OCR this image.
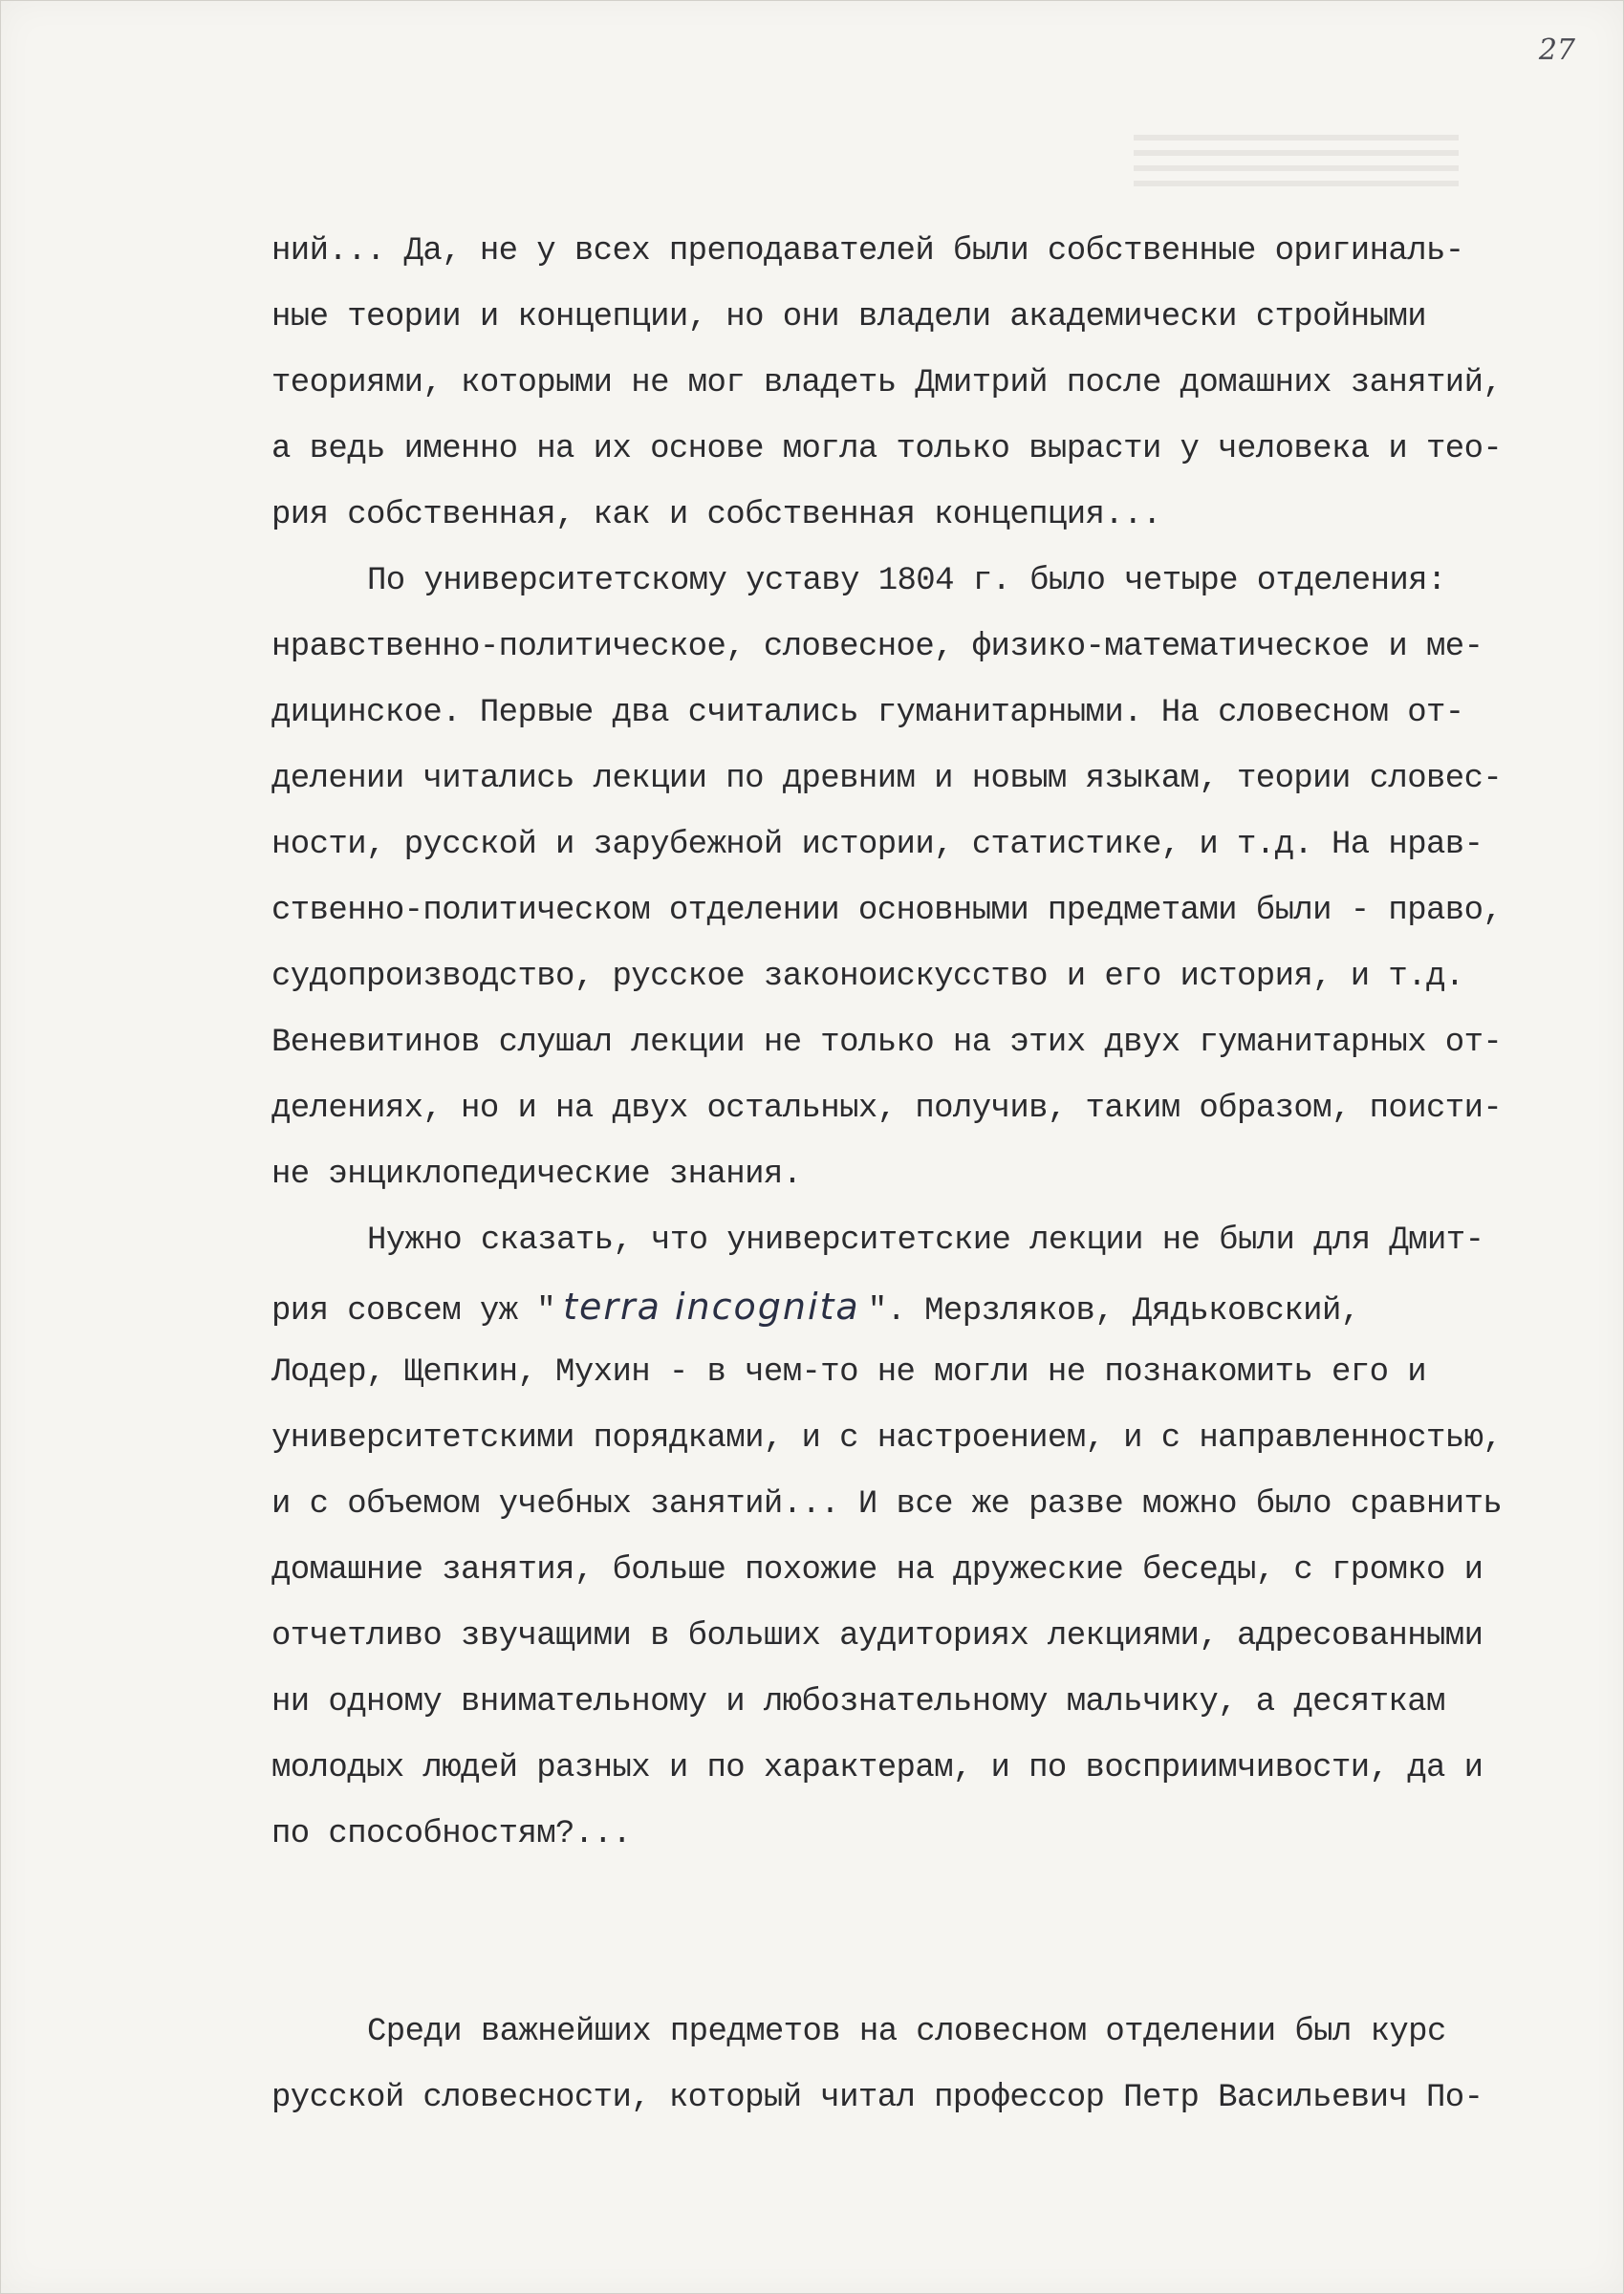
27
ний... Да, не у всех преподавателей были собственные оригиналь-
ные теории и концепции, но они владели академически стройными
теориями, которыми не мог владеть Дмитрий после домашних занятий,
а ведь именно на их основе могла только вырасти у человека и тео-
рия собственная, как и собственная концепция...
По университетскому уставу 1804 г. было четыре отделения:
нравственно-политическое, словесное, физико-математическое и ме-
дицинское. Первые два считались гуманитарными. На словесном от-
делении читались лекции по древним и новым языкам, теории словес-
ности, русской и зарубежной истории, статистике, и т.д. На нрав-
ственно-политическом отделении основными предметами были - право,
судопроизводство, русское законоискусство и его история, и т.д.
Веневитинов слушал лекции не только на этих двух гуманитарных от-
делениях, но и на двух остальных, получив, таким образом, поисти-
не энциклопедические знания.
Нужно сказать, что университетские лекции не были для Дмит-
рия совсем уж " terra incognita ". Мерзляков, Дядьковский,
Лодер, Щепкин, Мухин - в чем-то не могли не познакомить его и
университетскими порядками, и с настроением, и с направленностью,
и с объемом учебных занятий... И все же разве можно было сравнить
домашние занятия, больше похожие на дружеские беседы, с громко и
отчетливо звучащими в больших аудиториях лекциями, адресованными
ни одному внимательному и любознательному мальчику, а десяткам
молодых людей разных и по характерам, и по восприимчивости, да и
по способностям?...
Среди важнейших предметов на словесном отделении был курс
русской словесности, который читал профессор Петр Васильевич По-
